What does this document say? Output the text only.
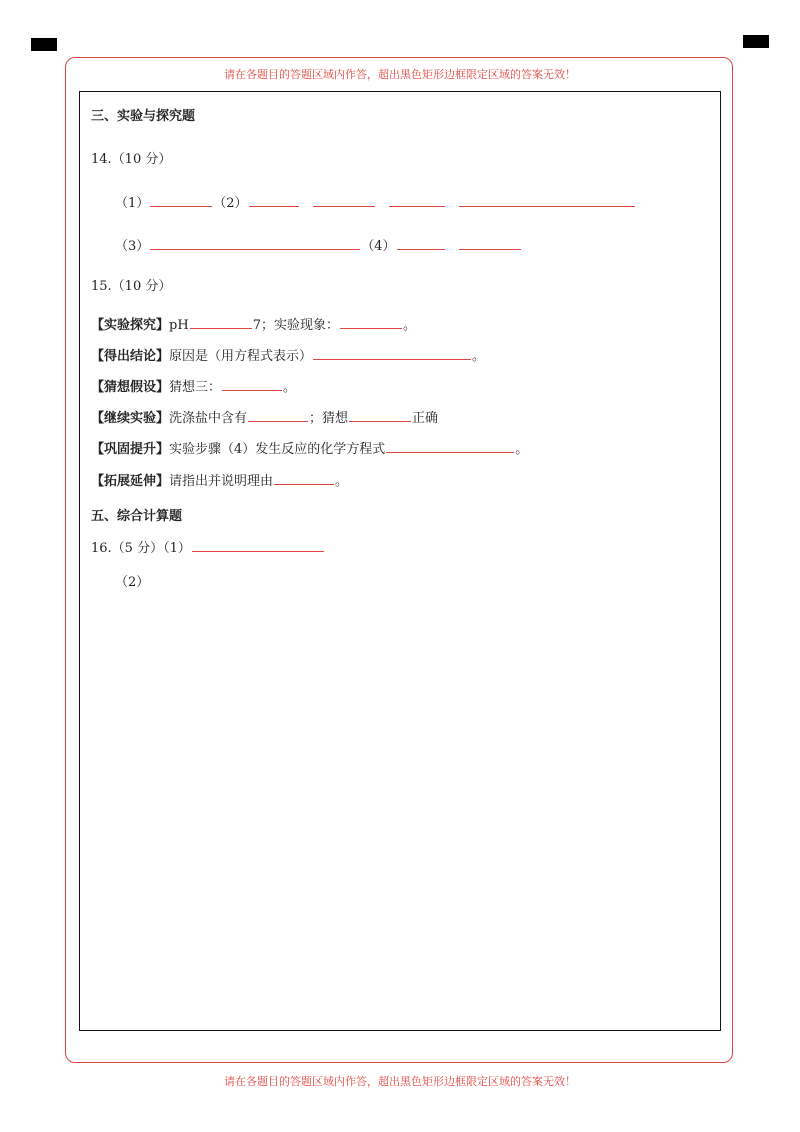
请在各题目的答题区域内作答，超出黑色矩形边框限定区域的答案无效！
三、实验与探究题
14.（10 分）
（1）	（2）
（3）	（4）
15.（10 分）
【实验探究】pH	7；实验现象：	。
【得出结论】原因是（用方程式表示）	。
【猜想假设】猜想三：	。
【继续实验】洗涤盐中含有	；猜想	正确
【巩固提升】实验步骤（4）发生反应的化学方程式	。
【拓展延伸】请指出并说明理由	。
五、综合计算题
16.（5 分）（1）
（2）
请在各题目的答题区域内作答，超出黑色矩形边框限定区域的答案无效！
